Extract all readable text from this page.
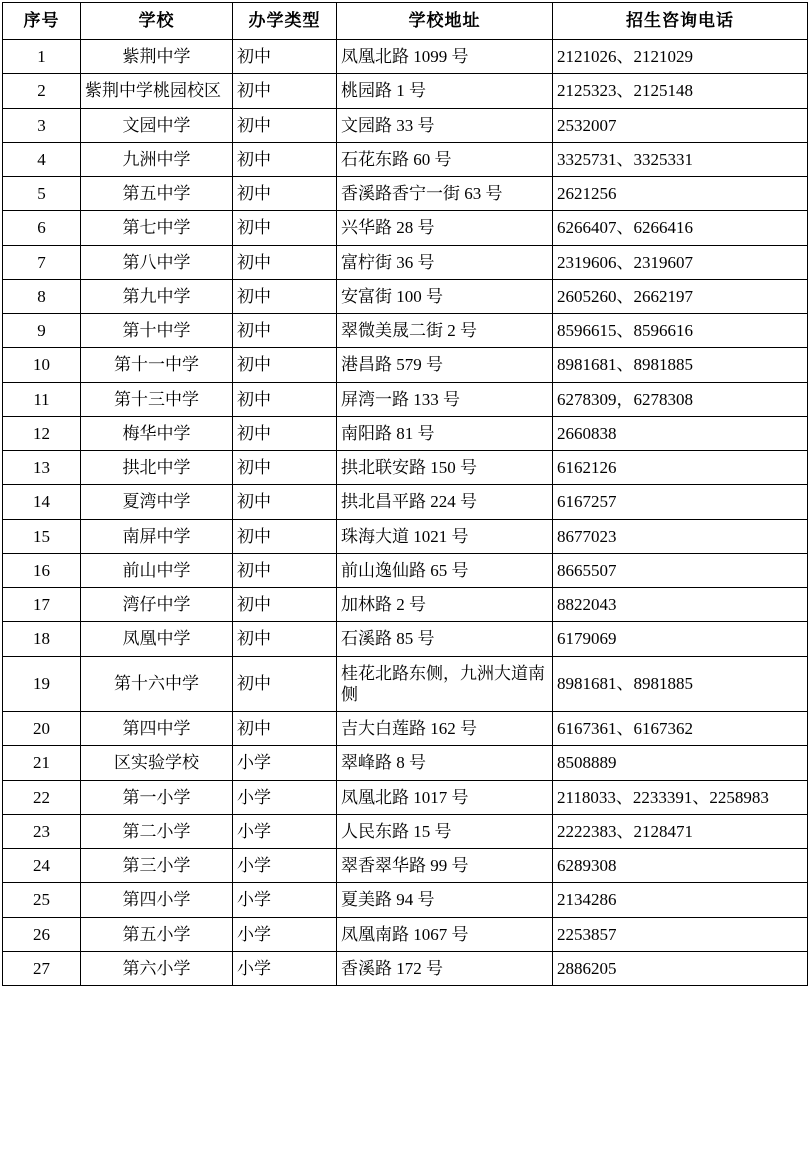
序号	学校	办学类型	学校地址	招生咨询电话
1	紫荆中学	初中	凤凰北路 1099 号	2121026、2121029
2	紫荆中学桃园校区	初中	桃园路 1 号	2125323、2125148
3	文园中学	初中	文园路 33 号	2532007
4	九洲中学	初中	石花东路 60 号	3325731、3325331
5	第五中学	初中	香溪路香宁一街 63 号	2621256
6	第七中学	初中	兴华路 28 号	6266407、6266416
7	第八中学	初中	富柠街 36 号	2319606、2319607
8	第九中学	初中	安富街 100 号	2605260、2662197
9	第十中学	初中	翠微美晟二街 2 号	8596615、8596616
10	第十一中学	初中	港昌路 579 号	8981681、8981885
11	第十三中学	初中	屏湾一路 133 号	6278309，6278308
12	梅华中学	初中	南阳路 81 号	2660838
13	拱北中学	初中	拱北联安路 150 号	6162126
14	夏湾中学	初中	拱北昌平路 224 号	6167257
15	南屏中学	初中	珠海大道 1021 号	8677023
16	前山中学	初中	前山逸仙路 65 号	8665507
17	湾仔中学	初中	加林路 2 号	8822043
18	凤凰中学	初中	石溪路 85 号	6179069
19	第十六中学	初中	桂花北路东侧，九洲大道南侧	8981681、8981885
20	第四中学	初中	吉大白莲路 162 号	6167361、6167362
21	区实验学校	小学	翠峰路 8 号	8508889
22	第一小学	小学	凤凰北路 1017 号	2118033、2233391、2258983
23	第二小学	小学	人民东路 15 号	2222383、2128471
24	第三小学	小学	翠香翠华路 99 号	6289308
25	第四小学	小学	夏美路 94 号	2134286
26	第五小学	小学	凤凰南路 1067 号	2253857
27	第六小学	小学	香溪路 172 号	2886205
